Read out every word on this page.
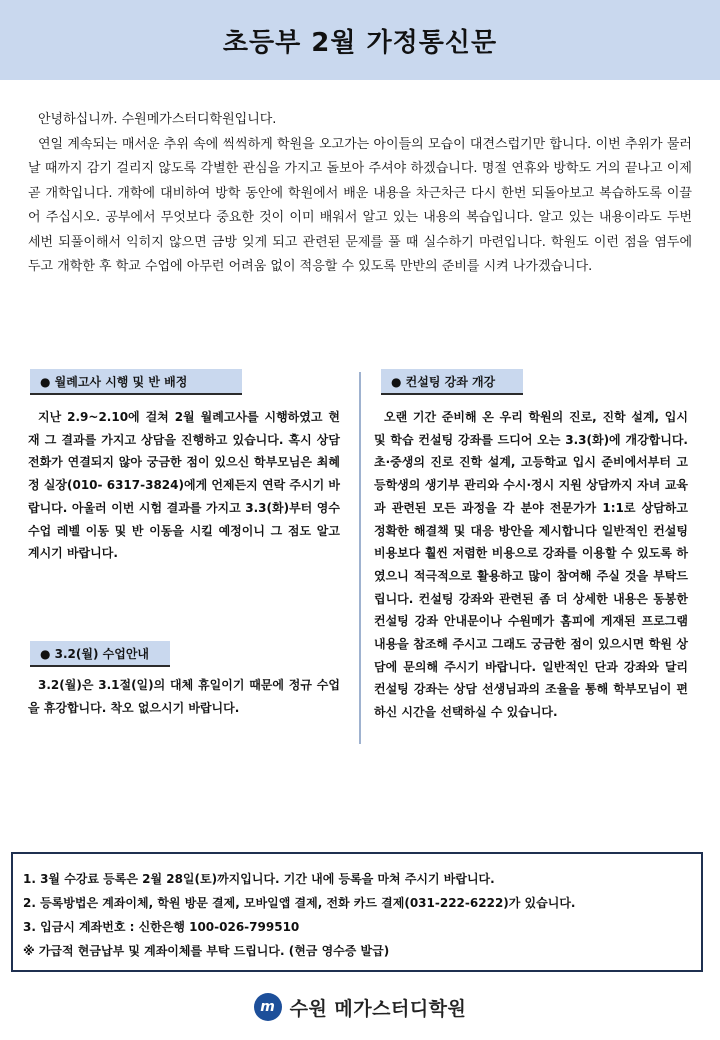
초등부 2월 가정통신문

안녕하십니까. 수원메가스터디학원입니다.

연일 계속되는 매서운 추위 속에 씩씩하게 학원을 오고가는 아이들의 모습이 대견스럽기만 합니다. 이번 추위가 물러날 때까지 감기 걸리지 않도록 각별한 관심을 가지고 돌보아 주셔야 하겠습니다. 명절 연휴와 방학도 거의 끝나고 이제 곧 개학입니다. 개학에 대비하여 방학 동안에 학원에서 배운 내용을 차근차근 다시 한번 되돌아보고 복습하도록 이끌어 주십시오. 공부에서 무엇보다 중요한 것이 이미 배워서 알고 있는 내용의 복습입니다. 알고 있는 내용이라도 두번 세번 되풀이해서 익히지 않으면 금방 잊게 되고 관련된 문제를 풀 때 실수하기 마련입니다. 학원도 이런 점을 염두에 두고 개학한 후 학교 수업에 아무런 어려움 없이 적응할 수 있도록 만반의 준비를 시켜 나가겠습니다.

● 월례고사 시행 및 반 배정

지난 2.9~2.10에 걸쳐 2월 월례고사를 시행하였고 현재 그 결과를 가지고 상담을 진행하고 있습니다. 혹시 상담 전화가 연결되지 않아 궁금한 점이 있으신 학부모님은 최혜정 실장(010- 6317-3824)에게 언제든지 연락 주시기 바랍니다. 아울러 이번 시험 결과를 가지고 3.3(화)부터 영수 수업 레벨 이동 및 반 이동을 시킬 예정이니 그 점도 알고 계시기 바랍니다.

● 3.2(월) 수업안내

3.2(월)은 3.1절(일)의 대체 휴일이기 때문에 정규 수업을 휴강합니다. 착오 없으시기 바랍니다.

● 컨설팅 강좌 개강

오랜 기간 준비해 온 우리 학원의 진로, 진학 설계, 입시 및 학습 컨설팅 강좌를 드디어 오는 3.3(화)에 개강합니다. 초·중생의 진로 진학 설계, 고등학교 입시 준비에서부터 고등학생의 생기부 관리와 수시·정시 지원 상담까지 자녀 교육과 관련된 모든 과정을 각 분야 전문가가 1:1로 상담하고 정확한 해결책 및 대응 방안을 제시합니다 일반적인 컨설팅 비용보다 훨씬 저렴한 비용으로 강좌를 이용할 수 있도록 하였으니 적극적으로 활용하고 많이 참여해 주실 것을 부탁드립니다. 컨설팅 강좌와 관련된 좀 더 상세한 내용은 동봉한 컨설팅 강좌 안내문이나 수원메가 홈피에 게재된 프로그램 내용을 참조해 주시고 그래도 궁금한 점이 있으시면 학원 상담에 문의해 주시기 바랍니다. 일반적인 단과 강좌와 달리 컨설팅 강좌는 상담 선생님과의 조율을 통해 학부모님이 편하신 시간을 선택하실 수 있습니다.

1. 3월 수강료 등록은 2월 28일(토)까지입니다. 기간 내에 등록을 마쳐 주시기 바랍니다.
2. 등록방법은 계좌이체, 학원 방문 결제, 모바일앱 결제, 전화 카드 결제(031-222-6222)가 있습니다.
3. 입금시 계좌번호 : 신한은행 100-026-799510
※ 가급적 현금납부 및 계좌이체를 부탁 드립니다. (현금 영수증 발급)
m 수원 메가스터디학원
